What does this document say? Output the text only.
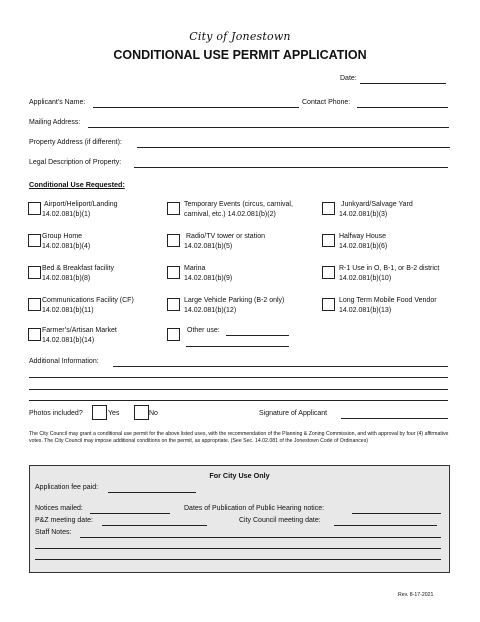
City of Jonestown
CONDITIONAL USE PERMIT APPLICATION
Date:
Applicant’s Name:	Contact Phone:
Mailing Address:
Property Address (if different):
Legal Description of Property:
Conditional Use Requested:
Airport/Heliport/Landing
14.02.081(b)(1)
Temporary Events (circus, carnival,
carnival, etc.) 14.02.081(b)(2)
Junkyard/Salvage Yard
14.02.081(b)(3)
Group Home
14.02.081(b)(4)
Radio/TV tower or station
14.02.081(b)(5)
Halfway House
14.02.081(b)(6)
Bed & Breakfast facility
14.02.081(b)(8)
Marina
14.02.081(b)(9)
R-1 Use in O, B-1, or B-2 district
14.02.081(b)(10)
Communications Facility (CF)
14.02.081(b)(11)
Large Vehicle Parking (B-2 only)
14.02.081(b)(12)
Long Term Mobile Food Vendor
14.02.081(b)(13)
Farmer’s/Artisan Market
14.02.081(b)(14)
Other use:
Additional Information:
Photos included?	Yes	No	Signature of Applicant
The City Council may grant a conditional use permit for the above listed uses, with the recommendation of the Planning & Zoning Commission, and with approval by four (4) affirmative votes. The City Council may impose additional conditions on the permit, as appropriate. (See Sec. 14.02.081 of the Jonestown Code of Ordinances)
For City Use Only
Application fee paid:
Notices mailed:	Dates of Publication of Public Hearing notice:
P&Z meeting date:	City Council meeting date:
Staff Notes:
Rev. 8-17-2021
